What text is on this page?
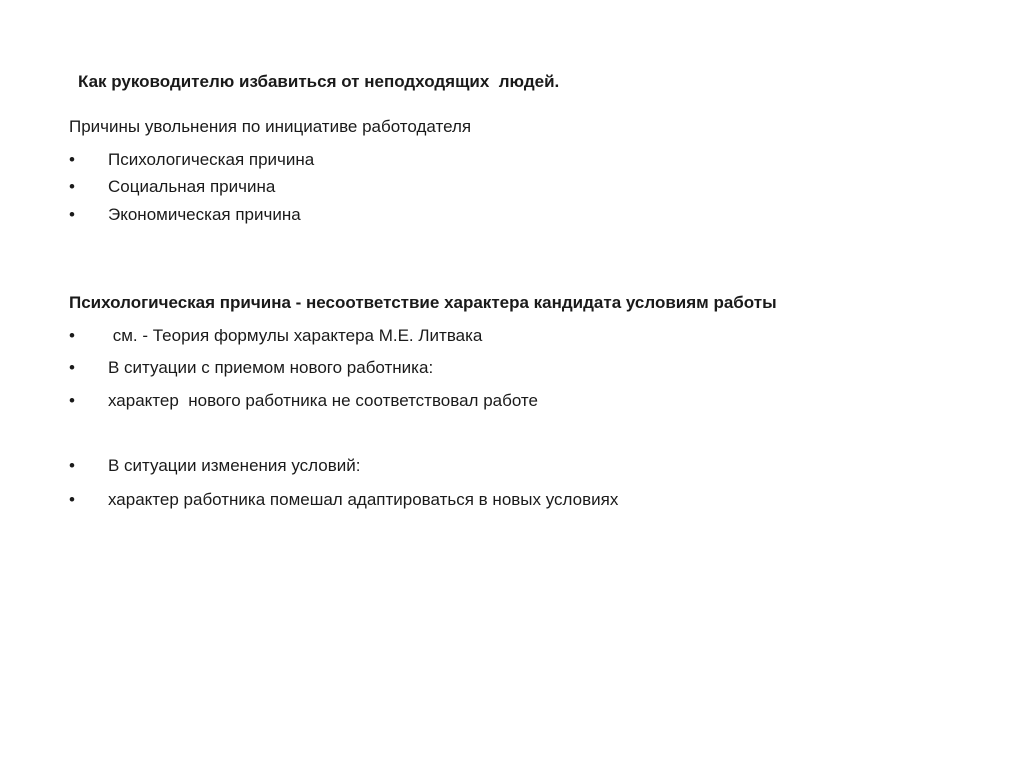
Как руководителю избавиться от неподходящих  людей.
Причины увольнения по инициативе работодателя

•

Психологическая причина

•

Социальная причина

•

Экономическая причина

Психологическая причина - несоответствие характера кандидата условиям работы

•

см. - Теория формулы характера М.Е. Литвака

•

В ситуации с приемом нового работника:

•

характер  нового работника не соответствовал работе

•

В ситуации изменения условий:

•

характер работника помешал адаптироваться в новых условиях
